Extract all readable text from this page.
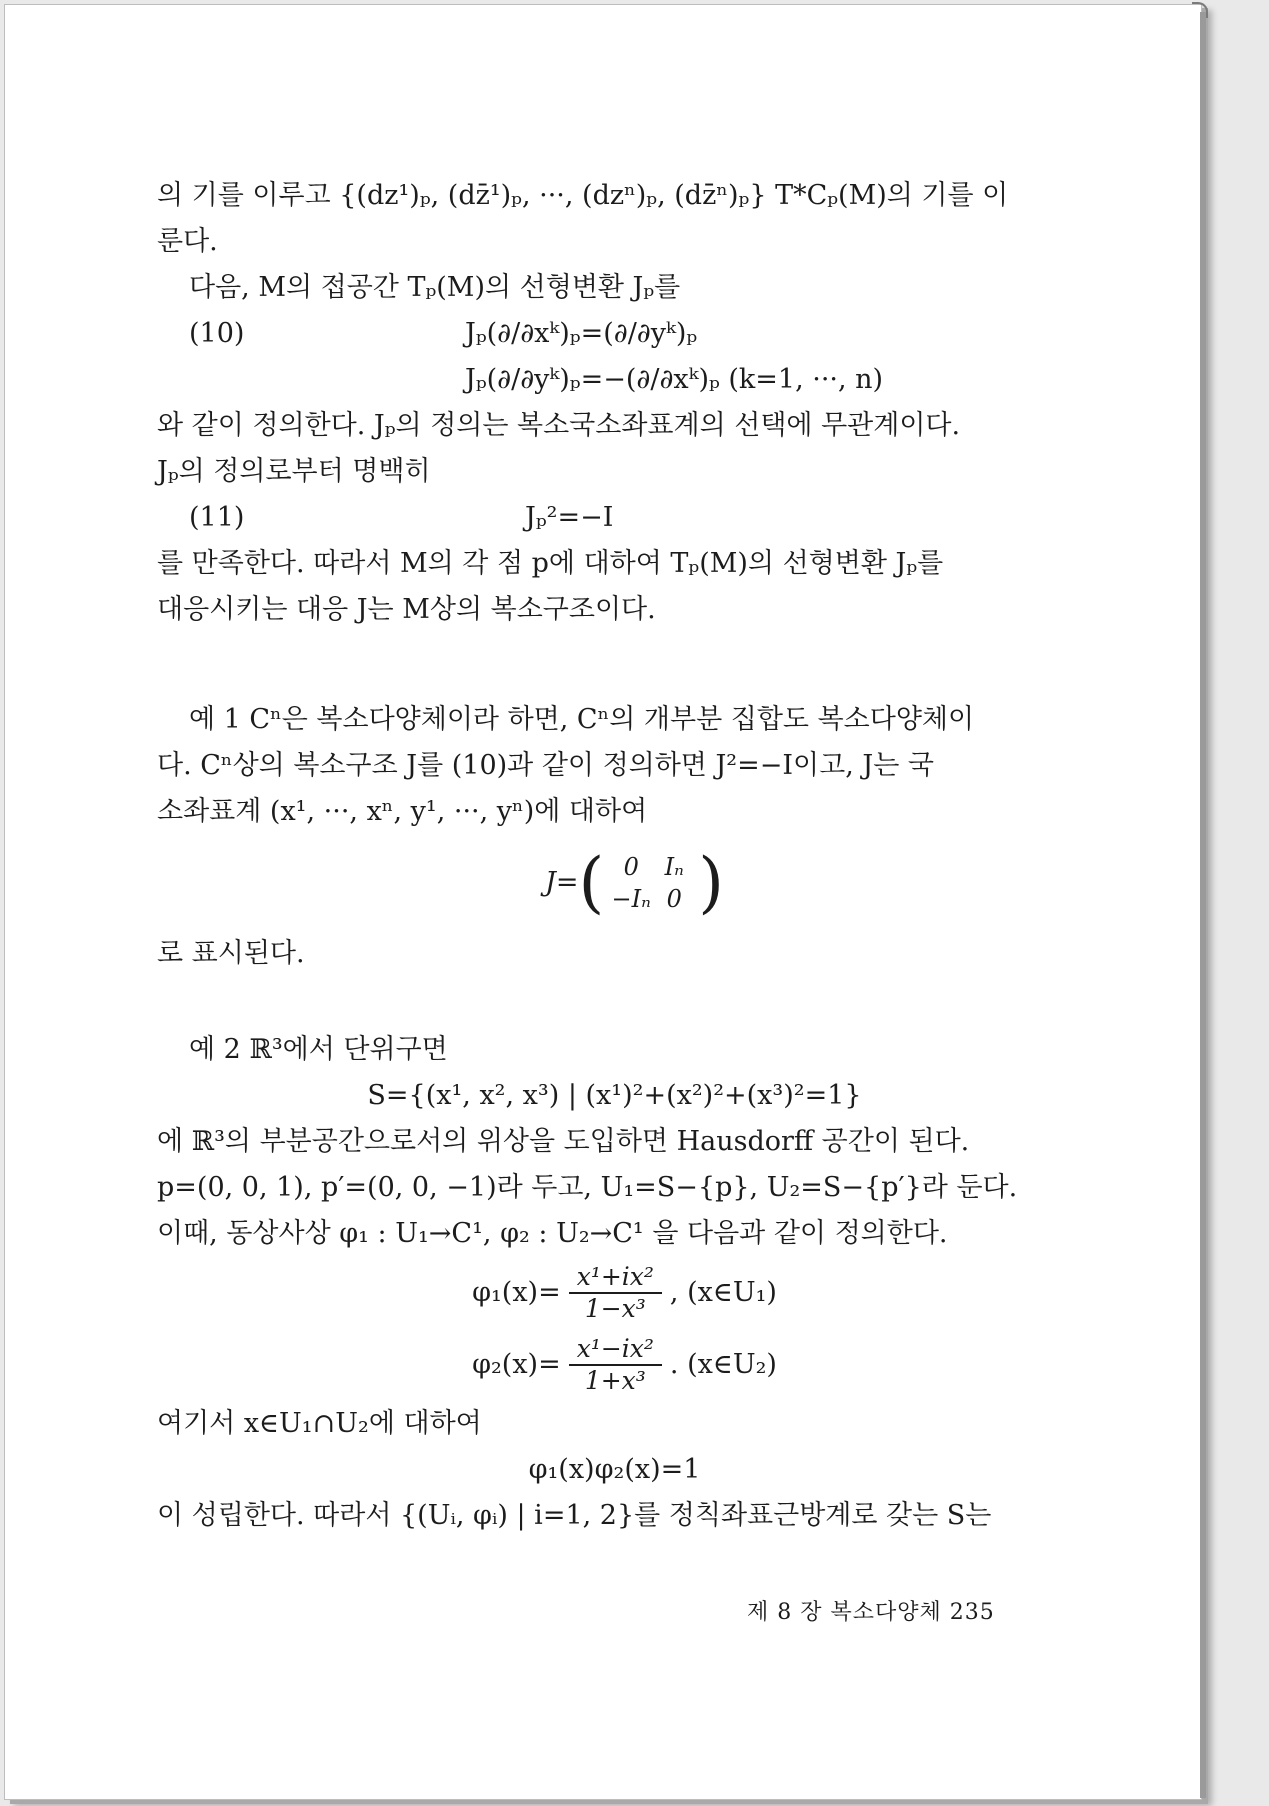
의 기를 이루고 {(dz¹)ₚ, (dz̄¹)ₚ, ···, (dzⁿ)ₚ, (dz̄ⁿ)ₚ} T*Cₚ(M)의 기를 이
룬다.
다음, M의 접공간 Tₚ(M)의 선형변환 Jₚ를
(10)	Jₚ(∂/∂xᵏ)ₚ=(∂/∂yᵏ)ₚ
Jₚ(∂/∂yᵏ)ₚ=−(∂/∂xᵏ)ₚ (k=1, ···, n)
와 같이 정의한다. Jₚ의 정의는 복소국소좌표계의 선택에 무관계이다.
Jₚ의 정의로부터 명백히
(11)	Jₚ²=−I
를 만족한다. 따라서 M의 각 점 p에 대하여 Tₚ(M)의 선형변환 Jₚ를
대응시키는 대응 J는 M상의 복소구조이다.
예 1 Cⁿ은 복소다양체이라 하면, Cⁿ의 개부분 집합도 복소다양체이
다. Cⁿ상의 복소구조 J를 (10)과 같이 정의하면 J²=−I이고, J는 국
소좌표계 (x¹, ···, xⁿ, y¹, ···, yⁿ)에 대하여
J= ( 0 Iₙ
−Iₙ 0 )
로 표시된다.
예 2 ℝ³에서 단위구면
S={(x¹, x², x³) | (x¹)²+(x²)²+(x³)²=1}
에 ℝ³의 부분공간으로서의 위상을 도입하면 Hausdorff 공간이 된다.
p=(0, 0, 1), p′=(0, 0, −1)라 두고, U₁=S−{p}, U₂=S−{p′}라 둔다.
이때, 동상사상 φ₁ : U₁→C¹, φ₂ : U₂→C¹ 을 다음과 같이 정의한다.
$\varphi_1(x)= \frac{\text{x¹+ix²}}{\text{1−x³}}$ , (x∈U₁)
$\varphi_2(x)= \frac{\text{x¹−ix²}}{\text{1+x³}}$ . (x∈U₂)
여기서 x∈U₁∩U₂에 대하여
φ₁(x)φ₂(x)=1
이 성립한다. 따라서 {(Uᵢ, φᵢ) | i=1, 2}를 정칙좌표근방계로 갖는 S는
제 8 장 복소다양체 235
